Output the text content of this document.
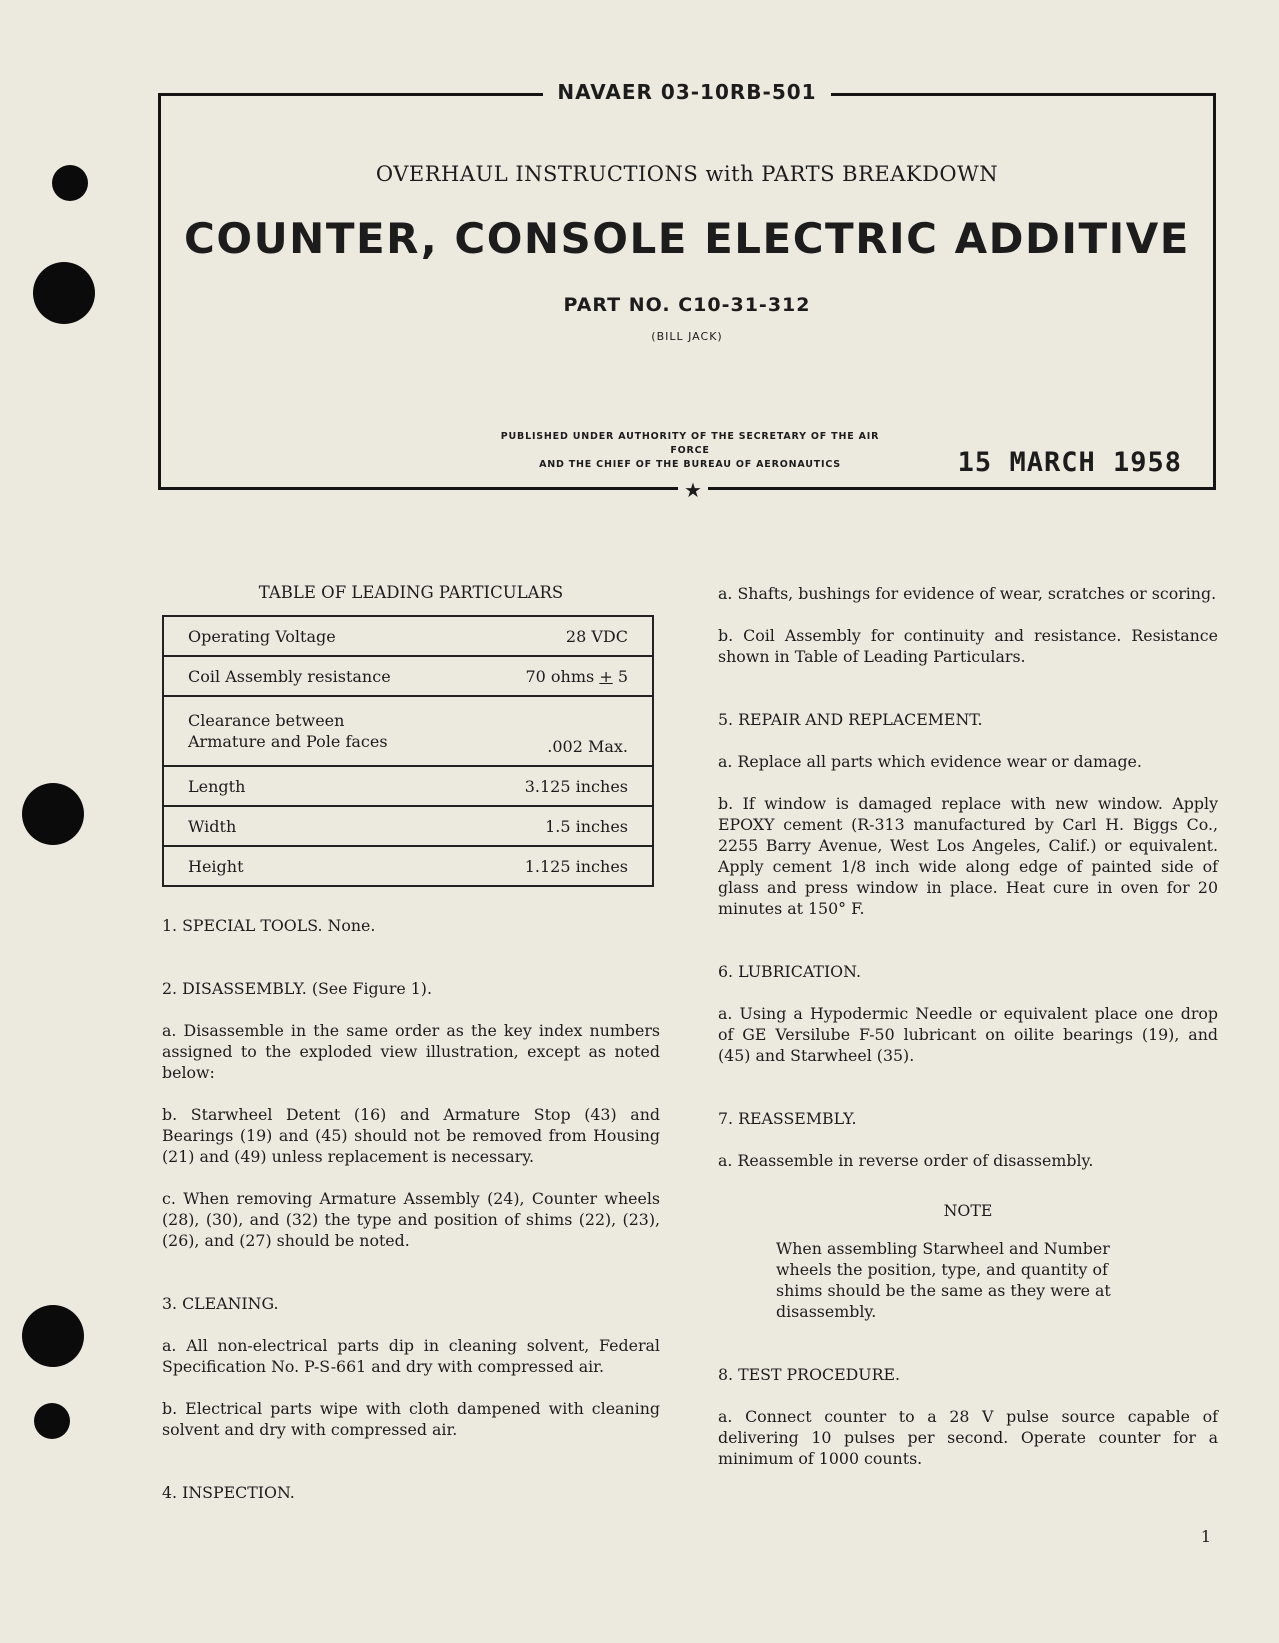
NAVAER 03-10RB-501
★
OVERHAUL INSTRUCTIONS with PARTS BREAKDOWN
COUNTER, CONSOLE ELECTRIC ADDITIVE
PART NO. C10-31-312
(BILL JACK)
PUBLISHED UNDER AUTHORITY OF THE SECRETARY OF THE AIR FORCE
AND THE CHIEF OF THE BUREAU OF AERONAUTICS	15 MARCH 1958
TABLE OF LEADING PARTICULARS
Operating Voltage	28 VDC
Coil Assembly resistance	70 ohms + 5

Clearance between
Armature and Pole faces	.002 Max.
Length	3.125 inches
Width	1.5 inches
Height	1.125 inches

1. SPECIAL TOOLS. None.

2. DISASSEMBLY. (See Figure 1).

a. Disassemble in the same order as the key index numbers assigned to the exploded view illustration, except as noted below:

b. Starwheel Detent (16) and Armature Stop (43) and Bearings (19) and (45) should not be removed from Housing (21) and (49) unless replacement is necessary.

c. When removing Armature Assembly (24), Counter wheels (28), (30), and (32) the type and position of shims (22), (23), (26), and (27) should be noted.

3. CLEANING.

a. All non-electrical parts dip in cleaning solvent, Federal Specification No. P-S-661 and dry with compressed air.

b. Electrical parts wipe with cloth dampened with cleaning solvent and dry with compressed air.

4. INSPECTION.

a. Shafts, bushings for evidence of wear, scratches or scoring.

b. Coil Assembly for continuity and resistance. Resistance shown in Table of Leading Particulars.

5. REPAIR AND REPLACEMENT.

a. Replace all parts which evidence wear or damage.

b. If window is damaged replace with new window. Apply EPOXY cement (R-313 manufactured by Carl H. Biggs Co., 2255 Barry Avenue, West Los Angeles, Calif.) or equivalent. Apply cement 1/8 inch wide along edge of painted side of glass and press window in place. Heat cure in oven for 20 minutes at 150° F.

6. LUBRICATION.

a. Using a Hypodermic Needle or equivalent place one drop of GE Versilube F-50 lubricant on oilite bearings (19), and (45) and Starwheel (35).

7. REASSEMBLY.

a. Reassemble in reverse order of disassembly.

NOTE
When assembling Starwheel and Number wheels the position, type, and quantity of shims should be the same as they were at disassembly.

8. TEST PROCEDURE.

a. Connect counter to a 28 V pulse source capable of delivering 10 pulses per second. Operate counter for a minimum of 1000 counts.

1
